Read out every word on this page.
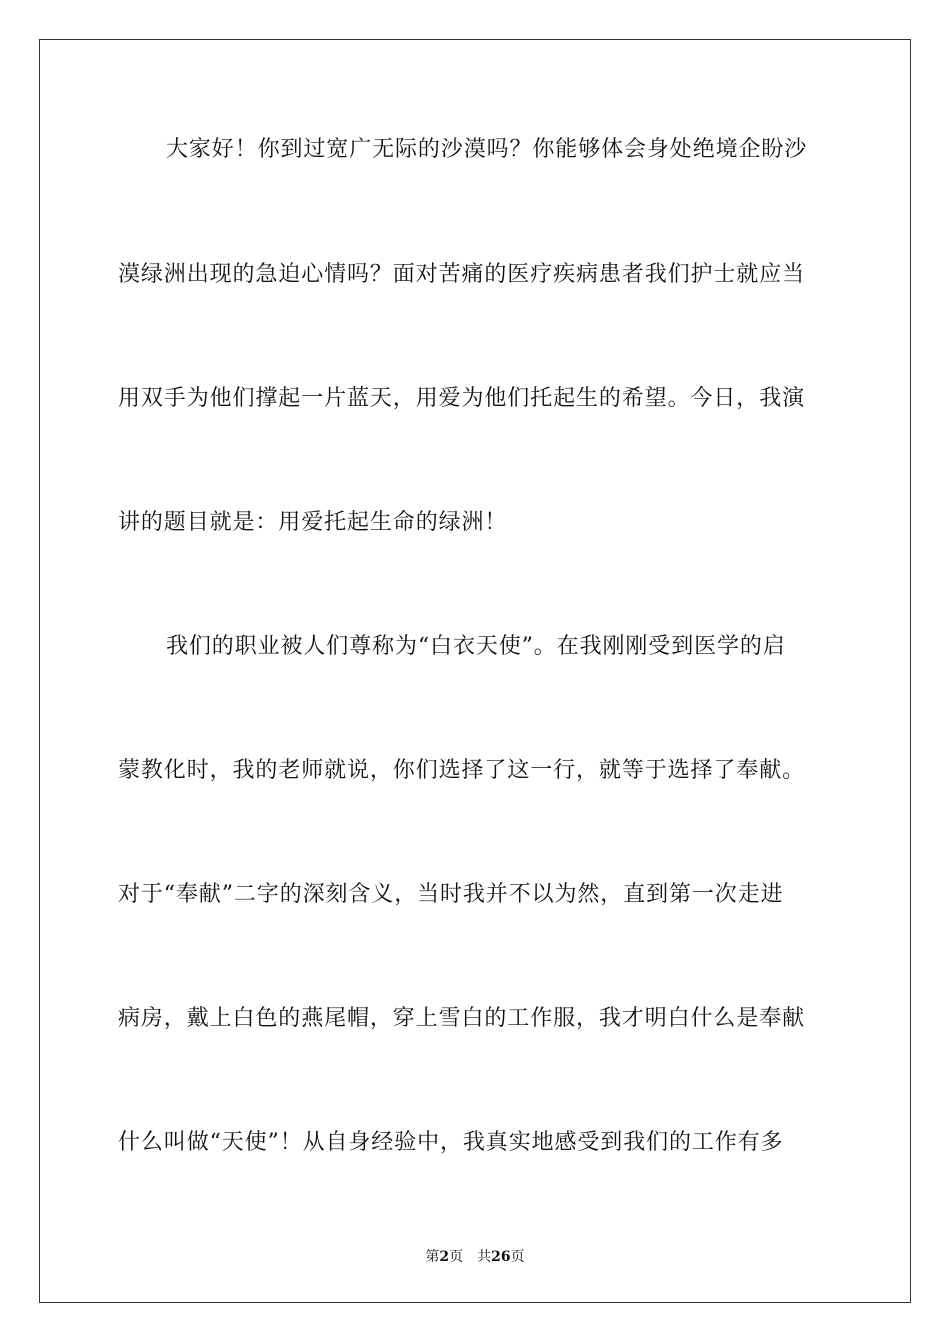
大家好！你到过宽广无际的沙漠吗？你能够体会身处绝境企盼沙
漠绿洲出现的急迫心情吗？面对苦痛的医疗疾病患者我们护士就应当
用双手为他们撑起一片蓝天，用爱为他们托起生的希望。今日，我演
讲的题目就是：用爱托起生命的绿洲！
我们的职业被人们尊称为“白衣天使”。在我刚刚受到医学的启
蒙教化时，我的老师就说，你们选择了这一行，就等于选择了奉献。
对于“奉献”二字的深刻含义，当时我并不以为然，直到第一次走进
病房，戴上白色的燕尾帽，穿上雪白的工作服，我才明白什么是奉献
什么叫做“天使”！从自身经验中，我真实地感受到我们的工作有多
第2页 共26页
